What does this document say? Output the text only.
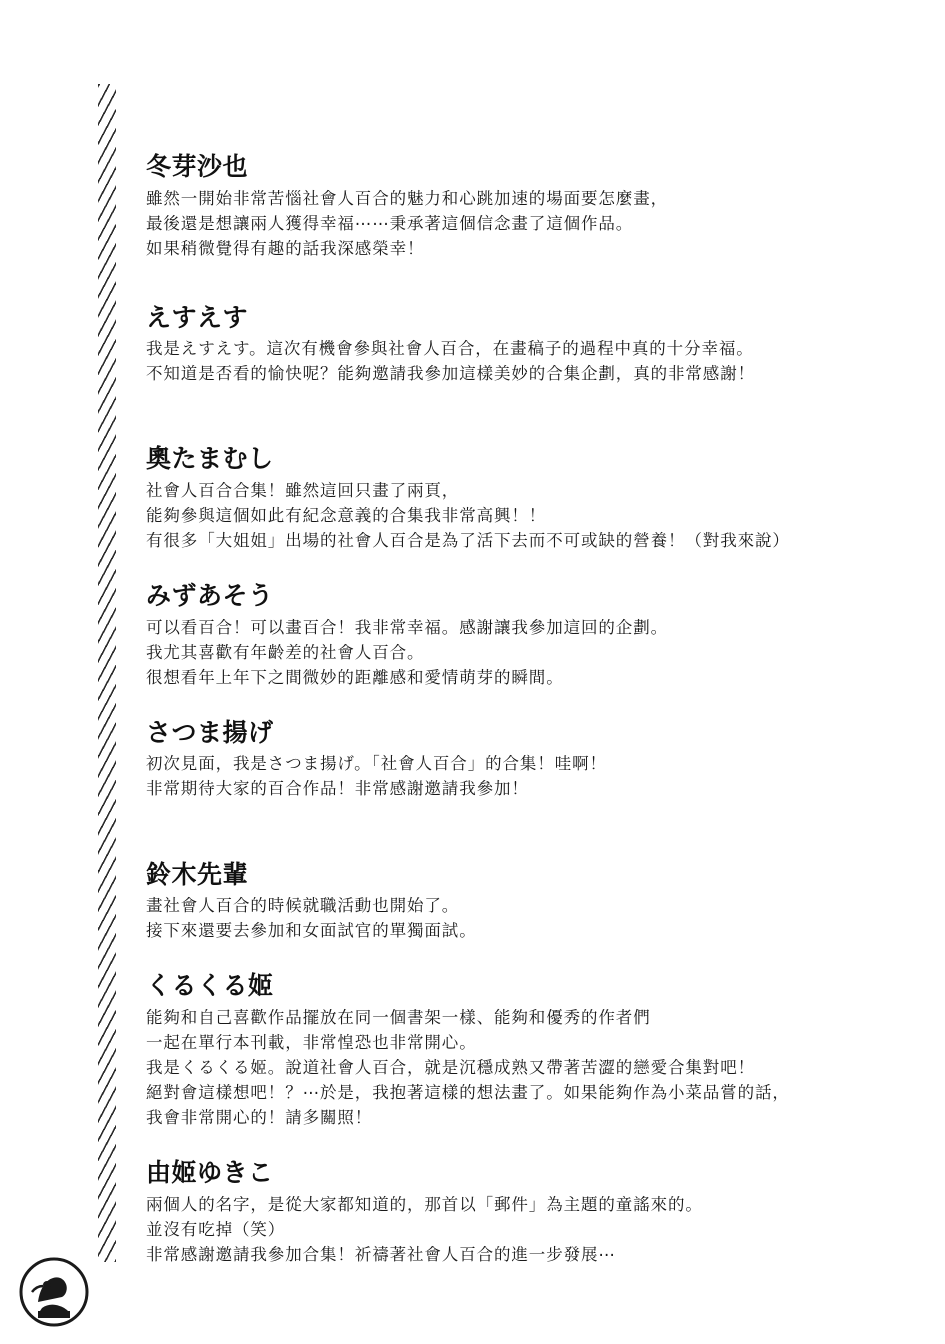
冬芽沙也

雖然一開始非常苦惱社會人百合的魅力和心跳加速的場面要怎麼畫，

最後還是想讓兩人獲得幸福⋯⋯秉承著這個信念畫了這個作品。

如果稍微覺得有趣的話我深感榮幸！

えすえす

我是えすえす。這次有機會參與社會人百合，在畫稿子的過程中真的十分幸福。

不知道是否看的愉快呢？能夠邀請我參加這樣美妙的合集企劃，真的非常感謝！

奧たまむし

社會人百合合集！雖然這回只畫了兩頁，

能夠參與這個如此有紀念意義的合集我非常高興！！

有很多「大姐姐」出場的社會人百合是為了活下去而不可或缺的營養！（對我來說）

みずあそう

可以看百合！可以畫百合！我非常幸福。感謝讓我參加這回的企劃。

我尤其喜歡有年齡差的社會人百合。

很想看年上年下之間微妙的距離感和愛情萌芽的瞬間。

さつま揚げ

初次見面，我是さつま揚げ。「社會人百合」的合集！哇啊！

非常期待大家的百合作品！非常感謝邀請我參加！

鈴木先輩

畫社會人百合的時候就職活動也開始了。

接下來還要去參加和女面試官的單獨面試。

くるくる姬

能夠和自己喜歡作品擺放在同一個書架一樣、能夠和優秀的作者們

一起在單行本刊載，非常惶恐也非常開心。

我是くるくる姬。說道社會人百合，就是沉穩成熟又帶著苦澀的戀愛合集對吧！

絕對會這樣想吧！？⋯於是，我抱著這樣的想法畫了。如果能夠作為小菜品嘗的話，

我會非常開心的！請多關照！

由姬ゆきこ

兩個人的名字，是從大家都知道的，那首以「郵件」為主題的童謠來的。

並沒有吃掉（笑）

非常感謝邀請我參加合集！祈禱著社會人百合的進一步發展⋯
